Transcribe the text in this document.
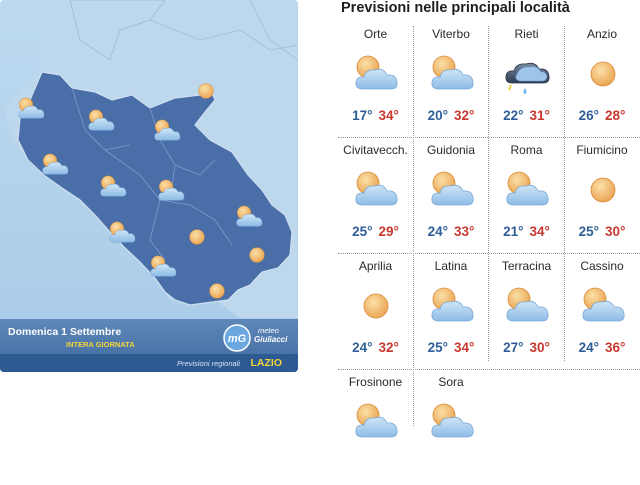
Domenica 1 Settembre
INTERA GIORNATA	mG
meteo
Giuliacci
Previsioni regionali LAZIO
Previsioni nelle principali località
Orte
17° 34°
Viterbo
20° 32°
Rieti
22° 31°
Anzio
26° 28°
Civitavecch.
25° 29°
Guidonia
24° 33°
Roma
21° 34°
Fiumicino
25° 30°
Aprilia
24° 32°
Latina
25° 34°
Terracina
27° 30°
Cassino
24° 36°
Frosinone	Sora
